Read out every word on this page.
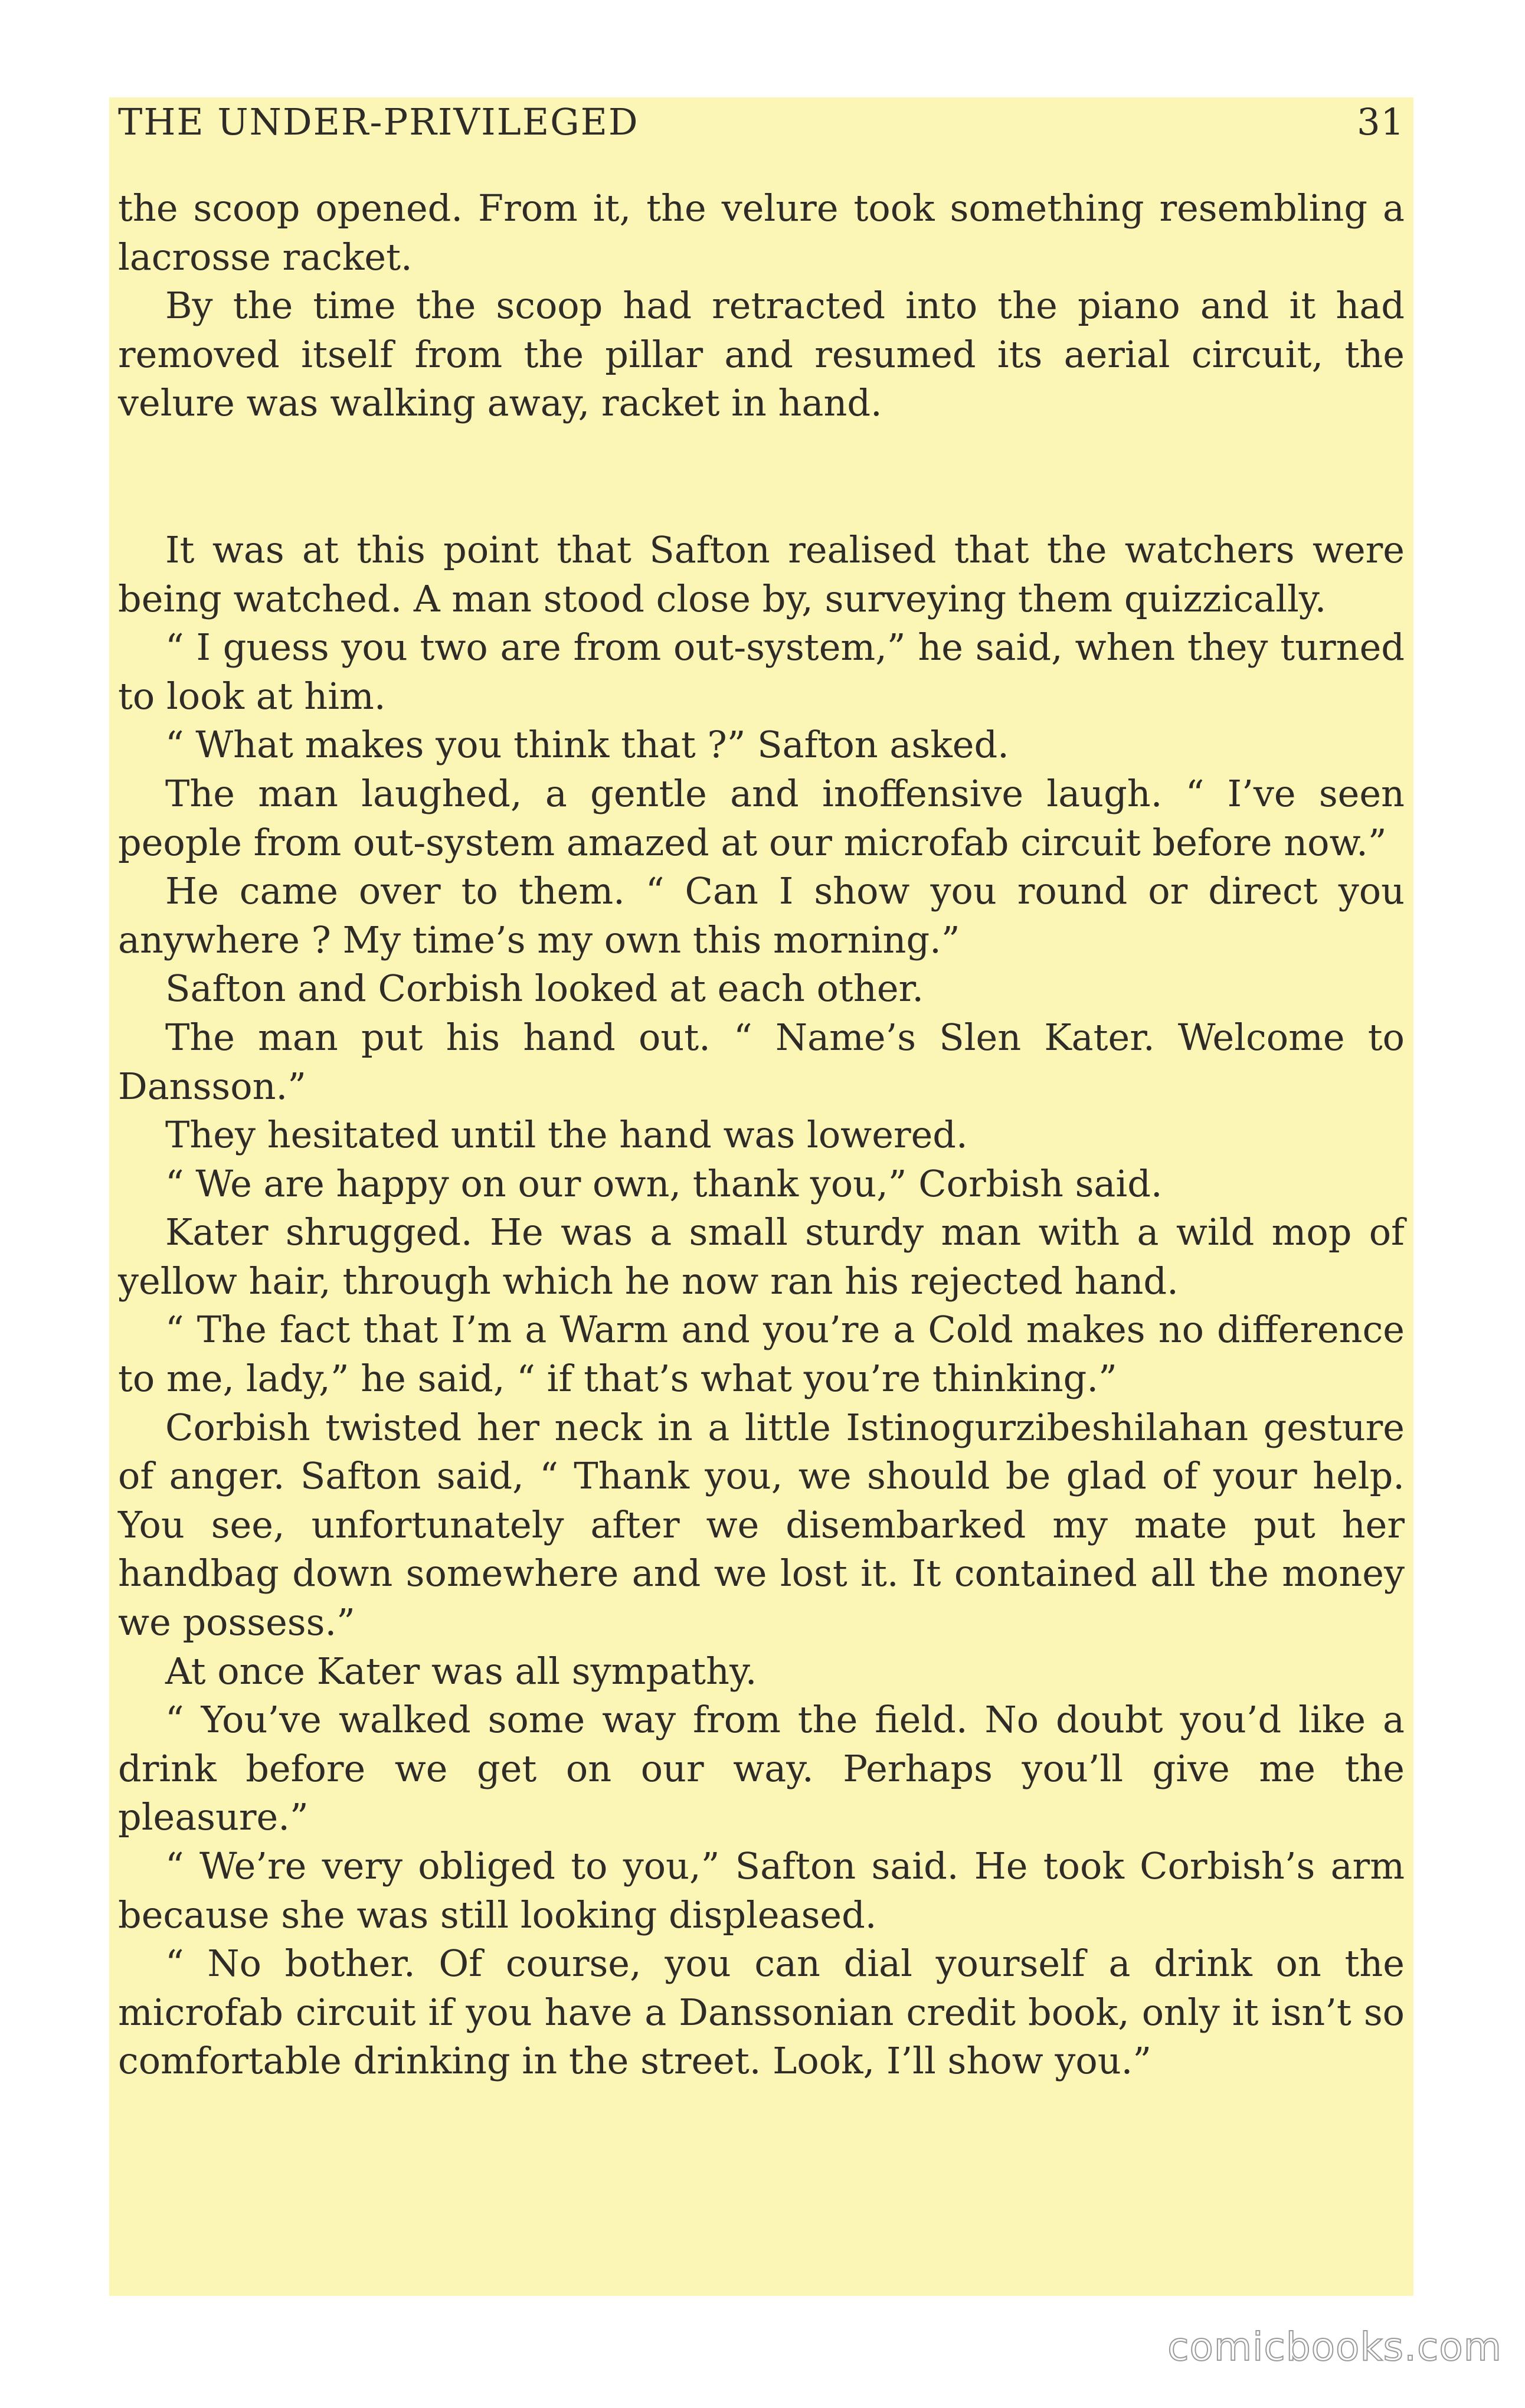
THE UNDER-PRIVILEGED	31

the scoop opened. From it, the velure took something resembling a lacrosse racket.

By the time the scoop had retracted into the piano and it had removed itself from the pillar and resumed its aerial circuit, the velure was walking away, racket in hand.

It was at this point that Safton realised that the watchers were being watched. A man stood close by, surveying them quizzically.

“ I guess you two are from out-system,” he said, when they turned to look at him.

“ What makes you think that ?” Safton asked.

The man laughed, a gentle and inoffensive laugh. “ I’ve seen people from out-system amazed at our microfab circuit before now.”

He came over to them. “ Can I show you round or direct you anywhere ? My time’s my own this morning.”

Safton and Corbish looked at each other.

The man put his hand out. “ Name’s Slen Kater. Welcome to Dansson.”

They hesitated until the hand was lowered.

“ We are happy on our own, thank you,” Corbish said.

Kater shrugged. He was a small sturdy man with a wild mop of yellow hair, through which he now ran his rejected hand.

“ The fact that I’m a Warm and you’re a Cold makes no difference to me, lady,” he said, “ if that’s what you’re thinking.”

Corbish twisted her neck in a little Istinogurzibeshilahan gesture of anger. Safton said, “ Thank you, we should be glad of your help. You see, unfortunately after we disembarked my mate put her handbag down somewhere and we lost it. It contained all the money we possess.”

At once Kater was all sympathy.

“ You’ve walked some way from the field. No doubt you’d like a drink before we get on our way. Perhaps you’ll give me the pleasure.”

“ We’re very obliged to you,” Safton said. He took Corbish’s arm because she was still looking displeased.

“ No bother. Of course, you can dial yourself a drink on the microfab circuit if you have a Danssonian credit book, only it isn’t so comfortable drinking in the street. Look, I’ll show you.”

comicbooks.com
